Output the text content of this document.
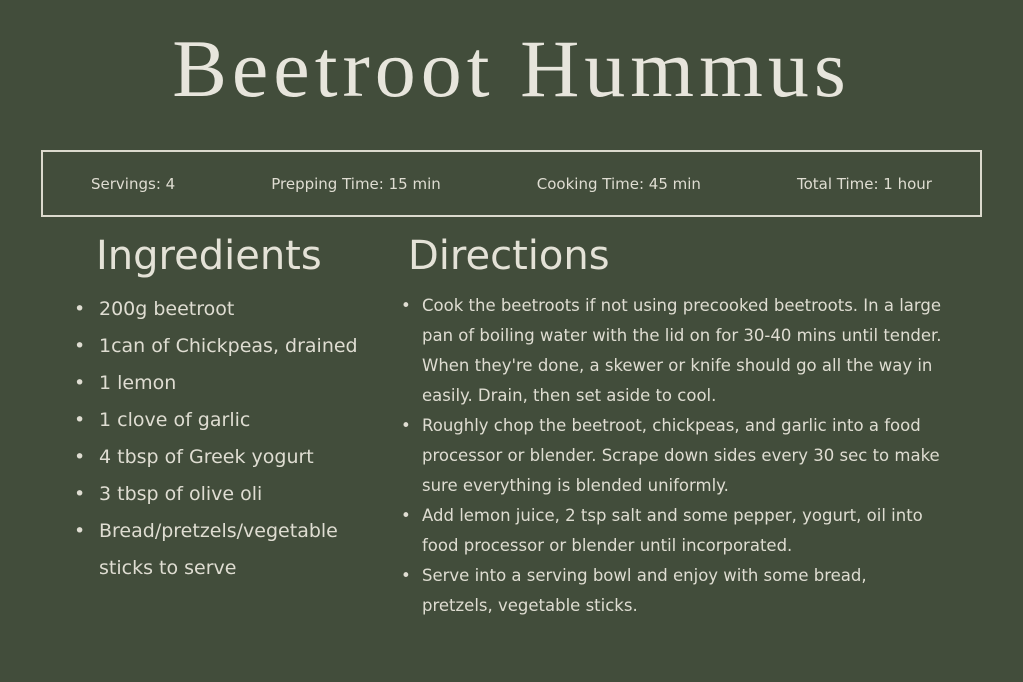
Beetroot Hummus
Servings: 4	Prepping Time: 15 min	Cooking Time: 45 min	Total Time: 1 hour
Ingredients
• 200g beetroot
• 1can of Chickpeas, drained
• 1 lemon
• 1 clove of garlic
• 4 tbsp of Greek yogurt
• 3 tbsp of olive oli
• Bread/pretzels/vegetable sticks to serve
Directions
• Cook the beetroots if not using precooked beetroots. In a large pan of boiling water with the lid on for 30-40 mins until tender. When they're done, a skewer or knife should go all the way in easily. Drain, then set aside to cool.
• Roughly chop the beetroot, chickpeas, and garlic into a food processor or blender. Scrape down sides every 30 sec to make sure everything is blended uniformly.
• Add lemon juice, 2 tsp salt and some pepper, yogurt, oil into food processor or blender until incorporated.
• Serve into a serving bowl and enjoy with some bread, pretzels, vegetable sticks.
